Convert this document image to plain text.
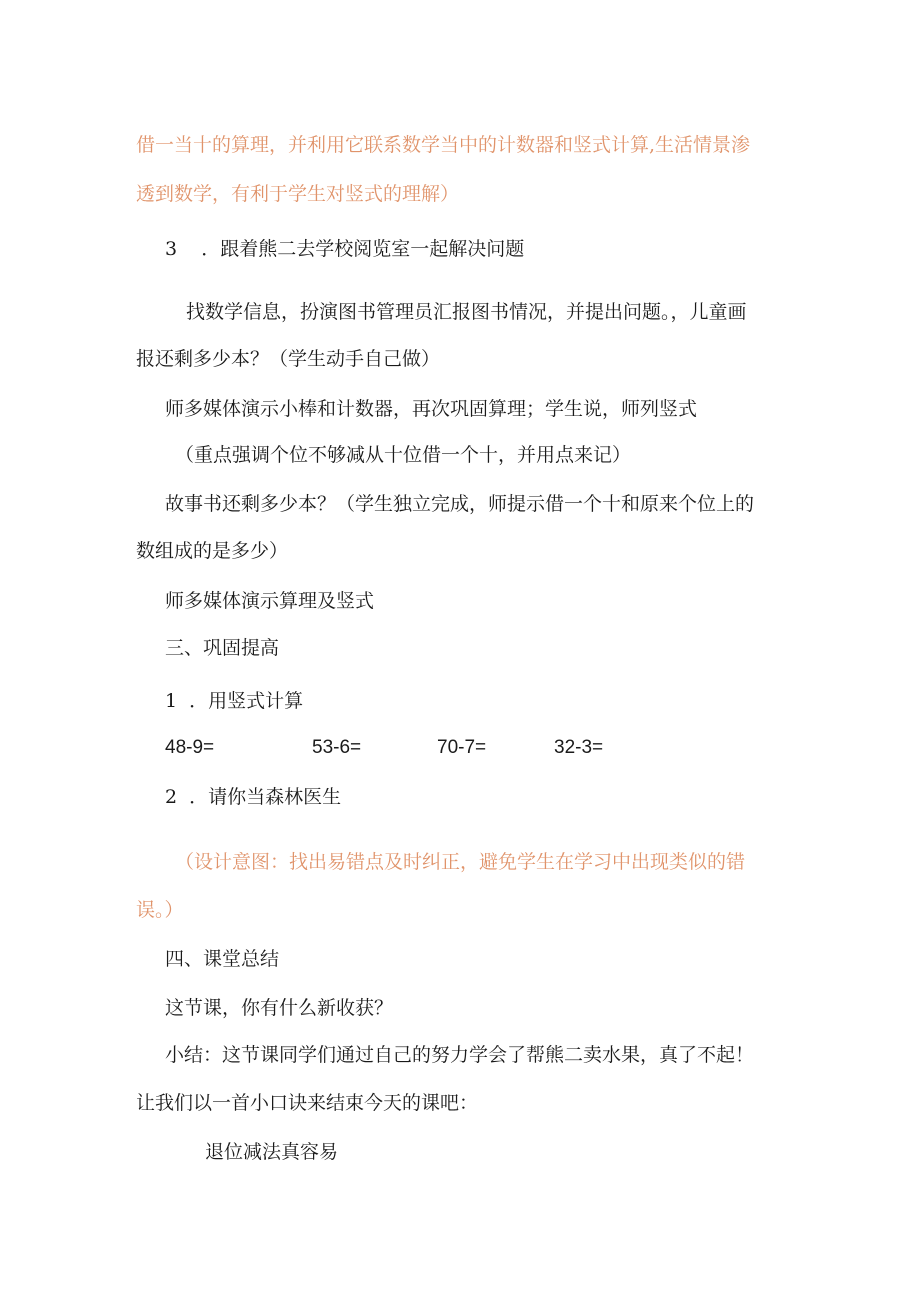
借一当十的算理，并利用它联系数学当中的计数器和竖式计算,生活情景渗
透到数学，有利于学生对竖式的理解）
3    ．跟着熊二去学校阅览室一起解决问题
找数学信息，扮演图书管理员汇报图书情况，并提出问题。，儿童画
报还剩多少本？（学生动手自己做）
师多媒体演示小棒和计数器，再次巩固算理；学生说，师列竖式
（重点强调个位不够减从十位借一个十，并用点来记）
故事书还剩多少本？（学生独立完成，师提示借一个十和原来个位上的
数组成的是多少）
师多媒体演示算理及竖式
三、巩固提高
1  ．用竖式计算
48-9=	53-6=	70-7=	32-3=
2  ．请你当森林医生
（设计意图：找出易错点及时纠正，避免学生在学习中出现类似的错
误。）
四、课堂总结
这节课，你有什么新收获？
小结：这节课同学们通过自己的努力学会了帮熊二卖水果，真了不起！
让我们以一首小口诀来结束今天的课吧：
退位减法真容易
